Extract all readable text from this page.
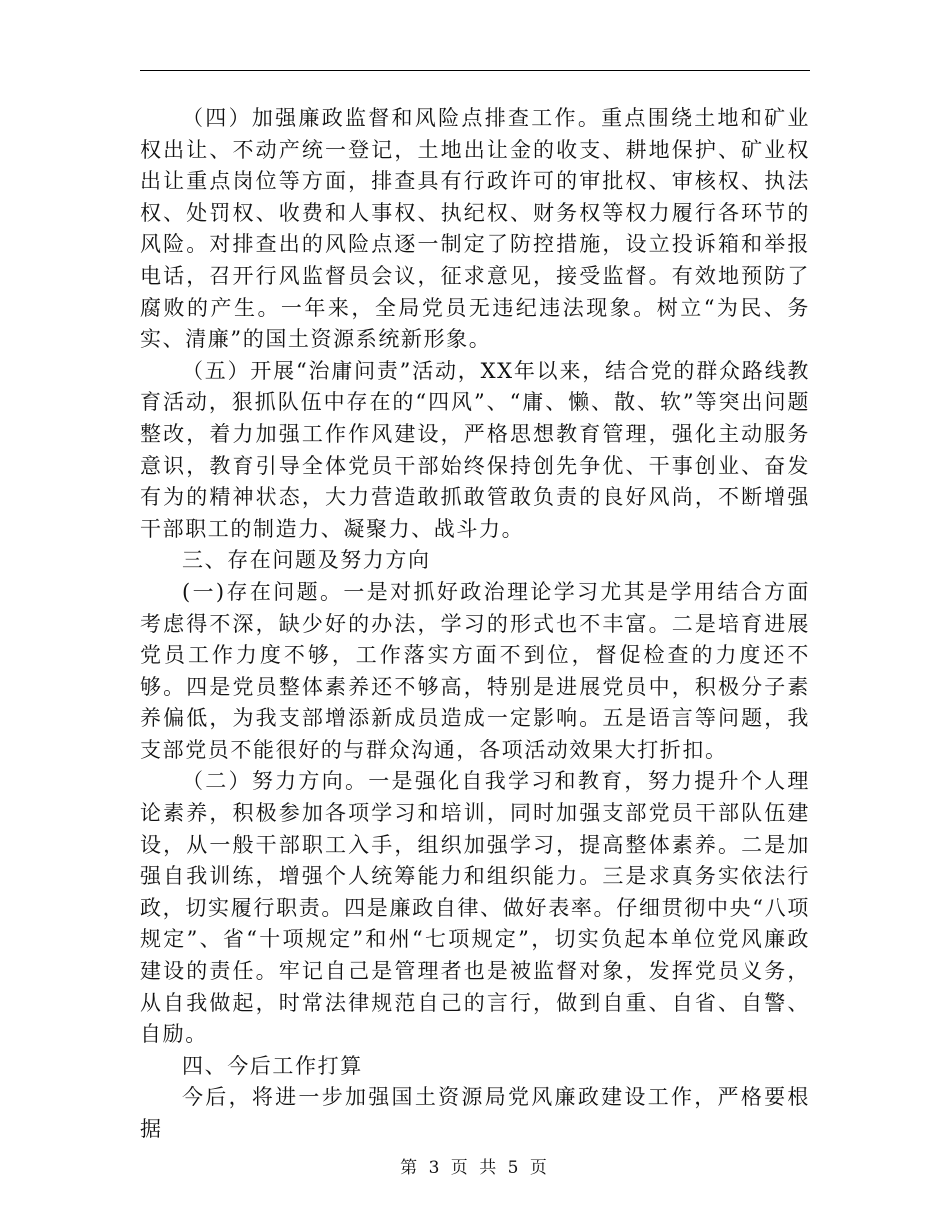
（四）加强廉政监督和风险点排查工作。重点围绕土地和矿业权出让、不动产统一登记，土地出让金的收支、耕地保护、矿业权出让重点岗位等方面，排查具有行政许可的审批权、审核权、执法权、处罚权、收费和人事权、执纪权、财务权等权力履行各环节的风险。对排查出的风险点逐一制定了防控措施，设立投诉箱和举报电话，召开行风监督员会议，征求意见，接受监督。有效地预防了腐败的产生。一年来，全局党员无违纪违法现象。树立“为民、务实、清廉”的国土资源系统新形象。

（五）开展“治庸问责”活动，XX年以来，结合党的群众路线教育活动，狠抓队伍中存在的“四风”、“庸、懒、散、软”等突出问题整改，着力加强工作作风建设，严格思想教育管理，强化主动服务意识，教育引导全体党员干部始终保持创先争优、干事创业、奋发有为的精神状态，大力营造敢抓敢管敢负责的良好风尚，不断增强干部职工的制造力、凝聚力、战斗力。

三、存在问题及努力方向

(一)存在问题。一是对抓好政治理论学习尤其是学用结合方面考虑得不深，缺少好的办法，学习的形式也不丰富。二是培育进展党员工作力度不够，工作落实方面不到位，督促检查的力度还不够。四是党员整体素养还不够高，特别是进展党员中，积极分子素养偏低，为我支部增添新成员造成一定影响。五是语言等问题，我支部党员不能很好的与群众沟通，各项活动效果大打折扣。

（二）努力方向。一是强化自我学习和教育，努力提升个人理论素养，积极参加各项学习和培训，同时加强支部党员干部队伍建设，从一般干部职工入手，组织加强学习，提高整体素养。二是加强自我训练，增强个人统筹能力和组织能力。三是求真务实依法行政，切实履行职责。四是廉政自律、做好表率。仔细贯彻中央“八项规定”、省“十项规定”和州“七项规定”，切实负起本单位党风廉政建设的责任。牢记自己是管理者也是被监督对象，发挥党员义务，从自我做起，时常法律规范自己的言行，做到自重、自省、自警、自励。

四、今后工作打算

今后，将进一步加强国土资源局党风廉政建设工作，严格要根据

第 3 页 共 5 页
